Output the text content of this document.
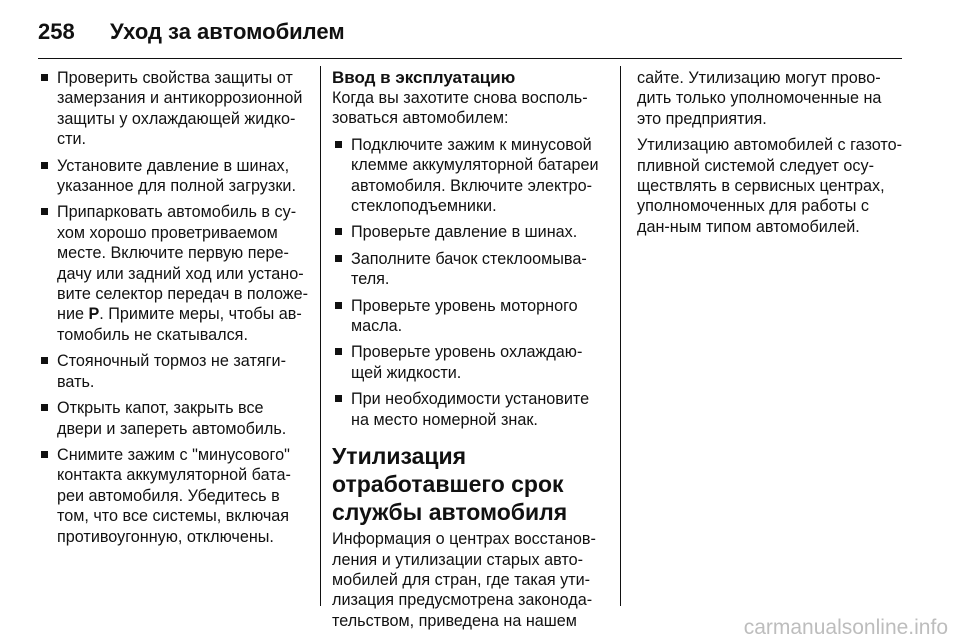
258	Уход за автомобилем
Проверить свойства защиты от замерзания и антикоррозионной защиты у охлаждающей жидко-сти.
Установите давление в шинах, указанное для полной загрузки.
Припарковать автомобиль в су-хом хорошо проветриваемом месте. Включите первую пере-дачу или задний ход или устано-вите селектор передач в положе-ние P. Примите меры, чтобы ав-томобиль не скатывался.
Стояночный тормоз не затяги-вать.
Открыть капот, закрыть все двери и запереть автомобиль.
Снимите зажим с "минусового" контакта аккумуляторной бата-реи автомобиля. Убедитесь в том, что все системы, включая противоугонную, отключены.

Ввод в эксплуатацию

Когда вы захотите снова восполь-зоваться автомобилем:

Подключите зажим к минусовой клемме аккумуляторной батареи автомобиля. Включите электро-стеклоподъемники.
Проверьте давление в шинах.
Заполните бачок стеклоомыва-теля.
Проверьте уровень моторного масла.
Проверьте уровень охлаждаю-щей жидкости.
При необходимости установите на место номерной знак.

Утилизация отработавшего срок службы автомобиля

Информация о центрах восстанов-ления и утилизации старых авто-мобилей для стран, где такая ути-лизация предусмотрена законода-тельством, приведена на нашем

сайте. Утилизацию могут прово-дить только уполномоченные на это предприятия.

Утилизацию автомобилей с газото-пливной системой следует осу-ществлять в сервисных центрах, уполномоченных для работы с дан-ным типом автомобилей.

carmanualsonline.info
